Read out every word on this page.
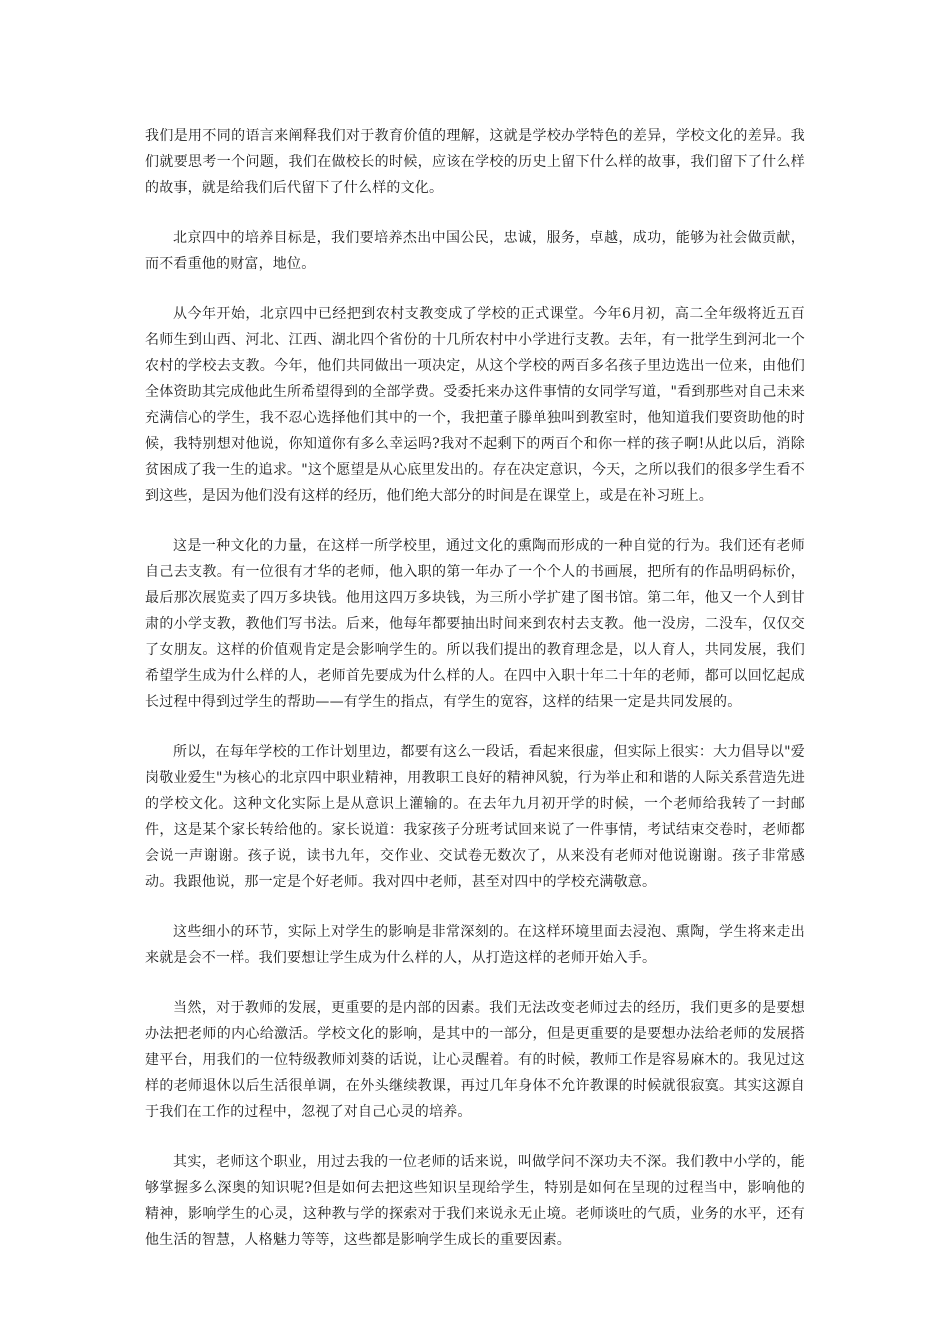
我们是用不同的语言来阐释我们对于教育价值的理解，这就是学校办学特色的差异，学校文化的差异。我们就要思考一个问题，我们在做校长的时候，应该在学校的历史上留下什么样的故事，我们留下了什么样的故事，就是给我们后代留下了什么样的文化。

北京四中的培养目标是，我们要培养杰出中国公民，忠诚，服务，卓越，成功，能够为社会做贡献，而不看重他的财富，地位。

从今年开始，北京四中已经把到农村支教变成了学校的正式课堂。今年6月初，高二全年级将近五百名师生到山西、河北、江西、湖北四个省份的十几所农村中小学进行支教。去年，有一批学生到河北一个农村的学校去支教。今年，他们共同做出一项决定，从这个学校的两百多名孩子里边选出一位来，由他们全体资助其完成他此生所希望得到的全部学费。受委托来办这件事情的女同学写道，"看到那些对自己未来充满信心的学生，我不忍心选择他们其中的一个，我把董子滕单独叫到教室时，他知道我们要资助他的时候，我特别想对他说，你知道你有多么幸运吗?我对不起剩下的两百个和你一样的孩子啊!从此以后，消除贫困成了我一生的追求。"这个愿望是从心底里发出的。存在决定意识，今天，之所以我们的很多学生看不到这些，是因为他们没有这样的经历，他们绝大部分的时间是在课堂上，或是在补习班上。

这是一种文化的力量，在这样一所学校里，通过文化的熏陶而形成的一种自觉的行为。我们还有老师自己去支教。有一位很有才华的老师，他入职的第一年办了一个个人的书画展，把所有的作品明码标价，最后那次展览卖了四万多块钱。他用这四万多块钱，为三所小学扩建了图书馆。第二年，他又一个人到甘肃的小学支教，教他们写书法。后来，他每年都要抽出时间来到农村去支教。他一没房，二没车，仅仅交了女朋友。这样的价值观肯定是会影响学生的。所以我们提出的教育理念是，以人育人，共同发展，我们希望学生成为什么样的人，老师首先要成为什么样的人。在四中入职十年二十年的老师，都可以回忆起成长过程中得到过学生的帮助——有学生的指点，有学生的宽容，这样的结果一定是共同发展的。

所以，在每年学校的工作计划里边，都要有这么一段话，看起来很虚，但实际上很实：大力倡导以"爱岗敬业爱生"为核心的北京四中职业精神，用教职工良好的精神风貌，行为举止和和谐的人际关系营造先进的学校文化。这种文化实际上是从意识上灌输的。在去年九月初开学的时候，一个老师给我转了一封邮件，这是某个家长转给他的。家长说道：我家孩子分班考试回来说了一件事情，考试结束交卷时，老师都会说一声谢谢。孩子说，读书九年，交作业、交试卷无数次了，从来没有老师对他说谢谢。孩子非常感动。我跟他说，那一定是个好老师。我对四中老师，甚至对四中的学校充满敬意。

这些细小的环节，实际上对学生的影响是非常深刻的。在这样环境里面去浸泡、熏陶，学生将来走出来就是会不一样。我们要想让学生成为什么样的人，从打造这样的老师开始入手。

当然，对于教师的发展，更重要的是内部的因素。我们无法改变老师过去的经历，我们更多的是要想办法把老师的内心给激活。学校文化的影响，是其中的一部分，但是更重要的是要想办法给老师的发展搭建平台，用我们的一位特级教师刘葵的话说，让心灵醒着。有的时候，教师工作是容易麻木的。我见过这样的老师退休以后生活很单调，在外头继续教课，再过几年身体不允许教课的时候就很寂寞。其实这源自于我们在工作的过程中，忽视了对自己心灵的培养。

其实，老师这个职业，用过去我的一位老师的话来说，叫做学问不深功夫不深。我们教中小学的，能够掌握多么深奥的知识呢?但是如何去把这些知识呈现给学生，特别是如何在呈现的过程当中，影响他的精神，影响学生的心灵，这种教与学的探索对于我们来说永无止境。老师谈吐的气质，业务的水平，还有他生活的智慧，人格魅力等等，这些都是影响学生成长的重要因素。
